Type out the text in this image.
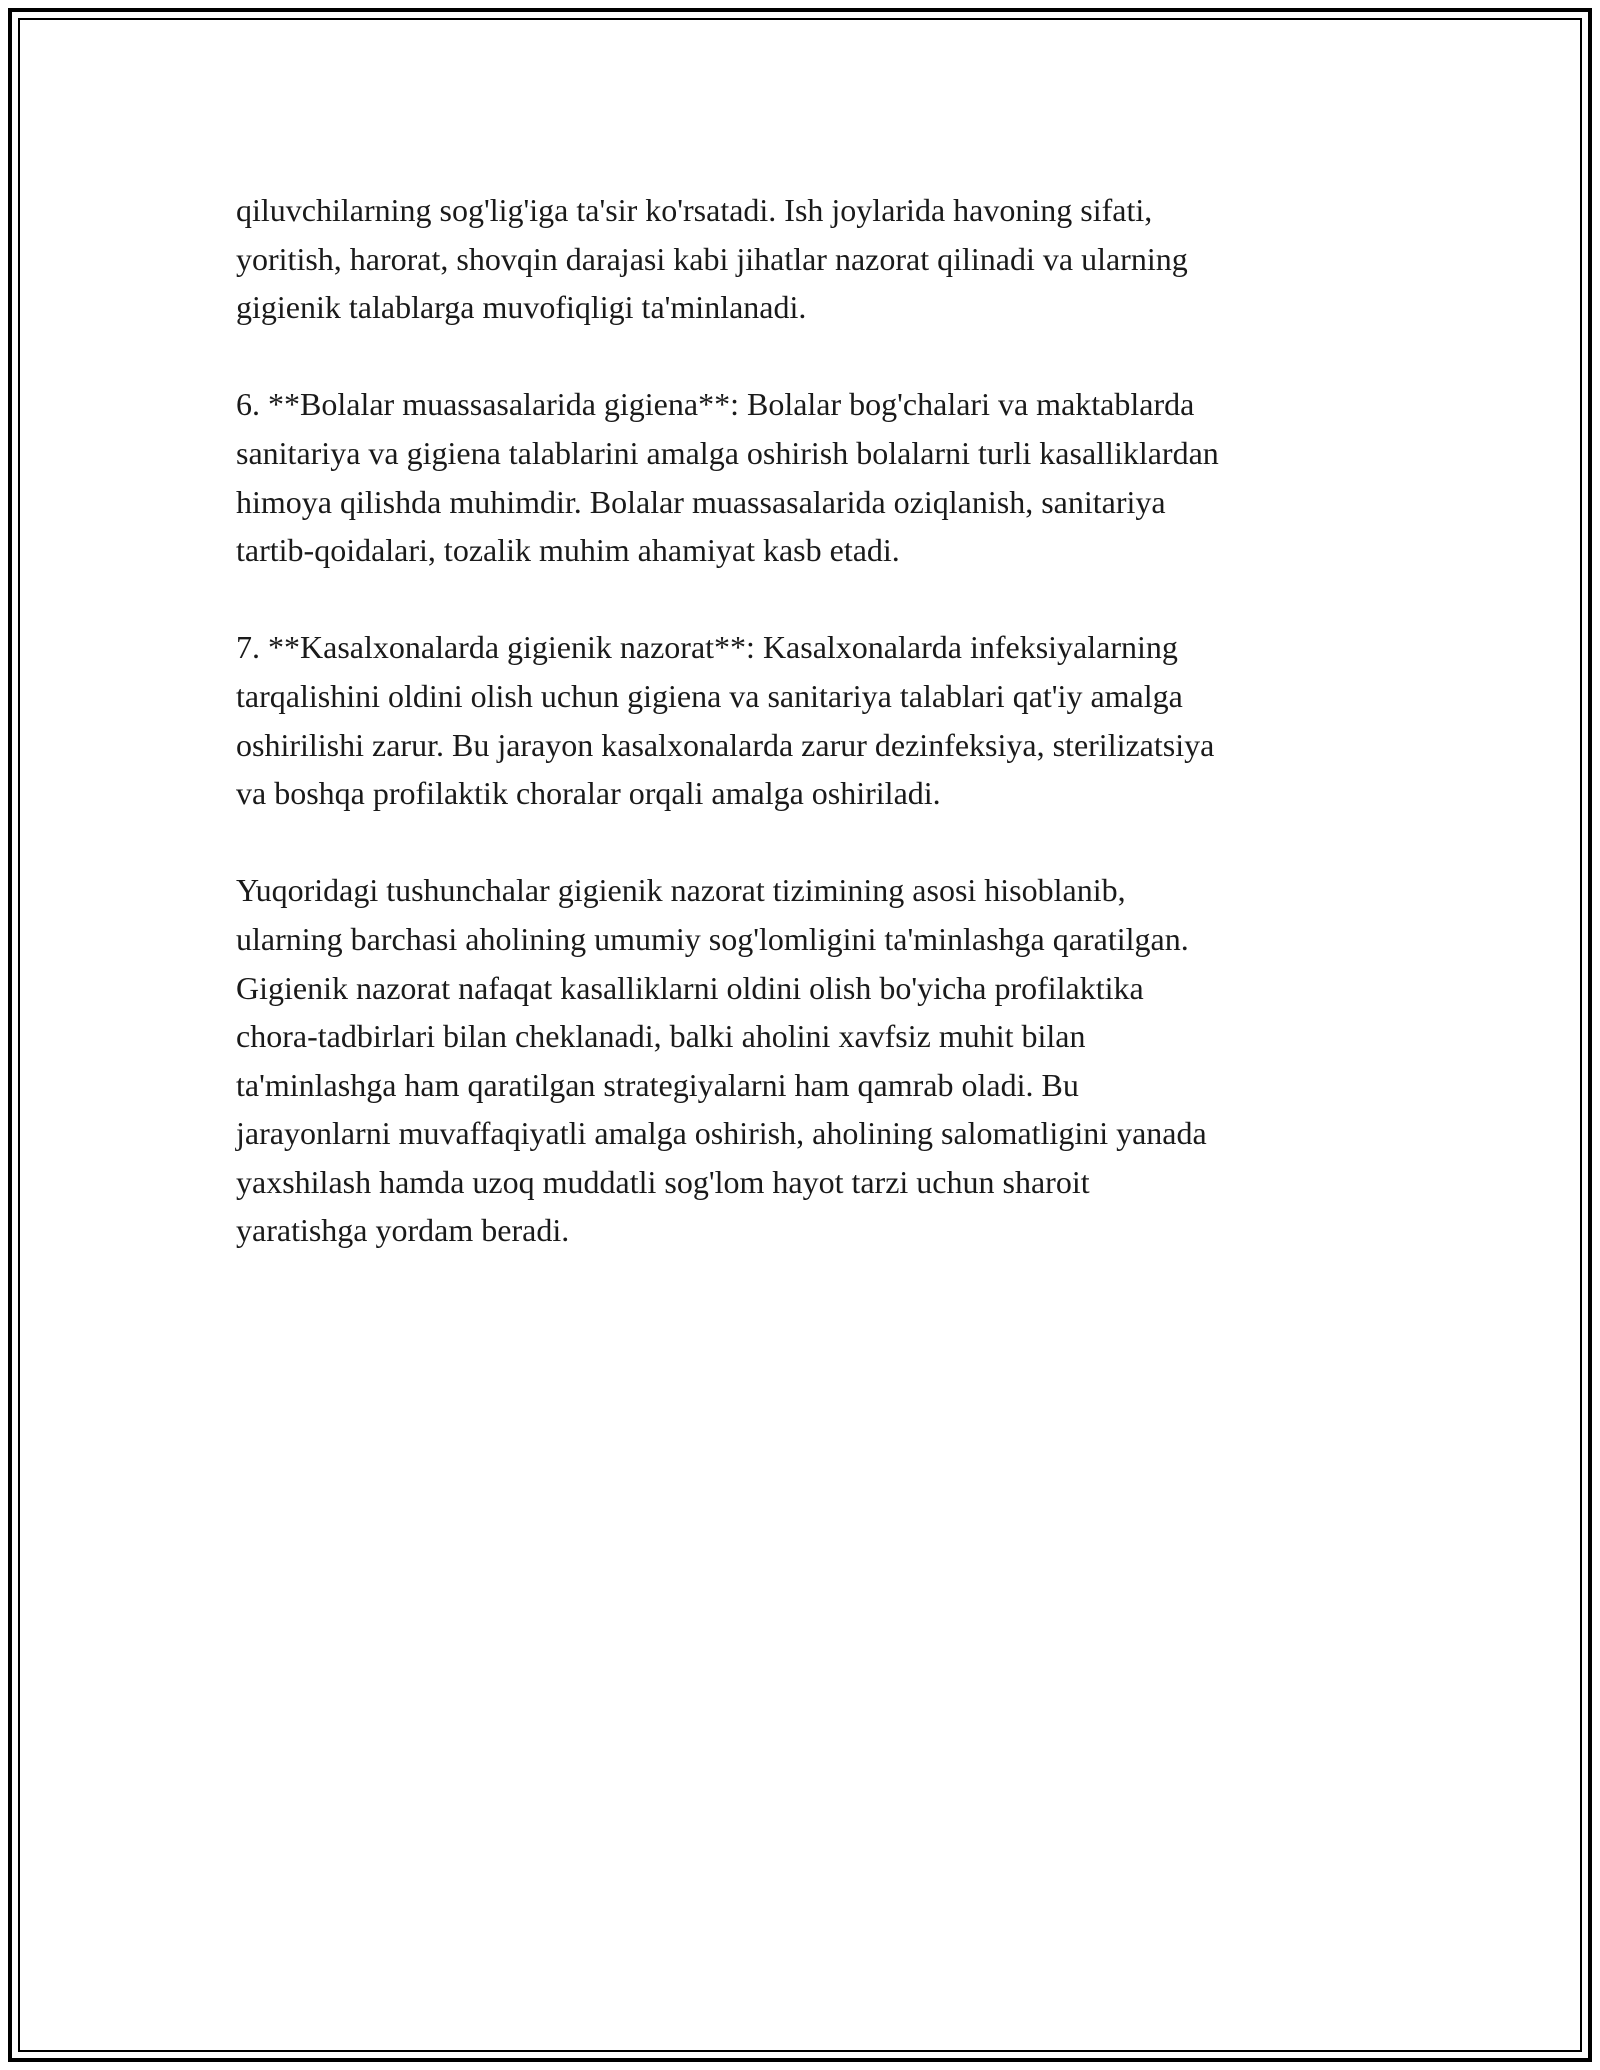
qiluvchilarning sog'lig'iga ta'sir ko'rsatadi. Ish joylarida havoning sifati,
yoritish, harorat, shovqin darajasi kabi jihatlar nazorat qilinadi va ularning
gigienik talablarga muvofiqligi ta'minlanadi.

6. **Bolalar muassasalarida gigiena**: Bolalar bog'chalari va maktablarda
sanitariya va gigiena talablarini amalga oshirish bolalarni turli kasalliklardan
himoya qilishda muhimdir. Bolalar muassasalarida oziqlanish, sanitariya
tartib-qoidalari, tozalik muhim ahamiyat kasb etadi.

7. **Kasalxonalarda gigienik nazorat**: Kasalxonalarda infeksiyalarning
tarqalishini oldini olish uchun gigiena va sanitariya talablari qat'iy amalga
oshirilishi zarur. Bu jarayon kasalxonalarda zarur dezinfeksiya, sterilizatsiya
va boshqa profilaktik choralar orqali amalga oshiriladi.

Yuqoridagi tushunchalar gigienik nazorat tizimining asosi hisoblanib,
ularning barchasi aholining umumiy sog'lomligini ta'minlashga qaratilgan.
Gigienik nazorat nafaqat kasalliklarni oldini olish bo'yicha profilaktika
chora-tadbirlari bilan cheklanadi, balki aholini xavfsiz muhit bilan
ta'minlashga ham qaratilgan strategiyalarni ham qamrab oladi. Bu
jarayonlarni muvaffaqiyatli amalga oshirish, aholining salomatligini yanada
yaxshilash hamda uzoq muddatli sog'lom hayot tarzi uchun sharoit
yaratishga yordam beradi.
